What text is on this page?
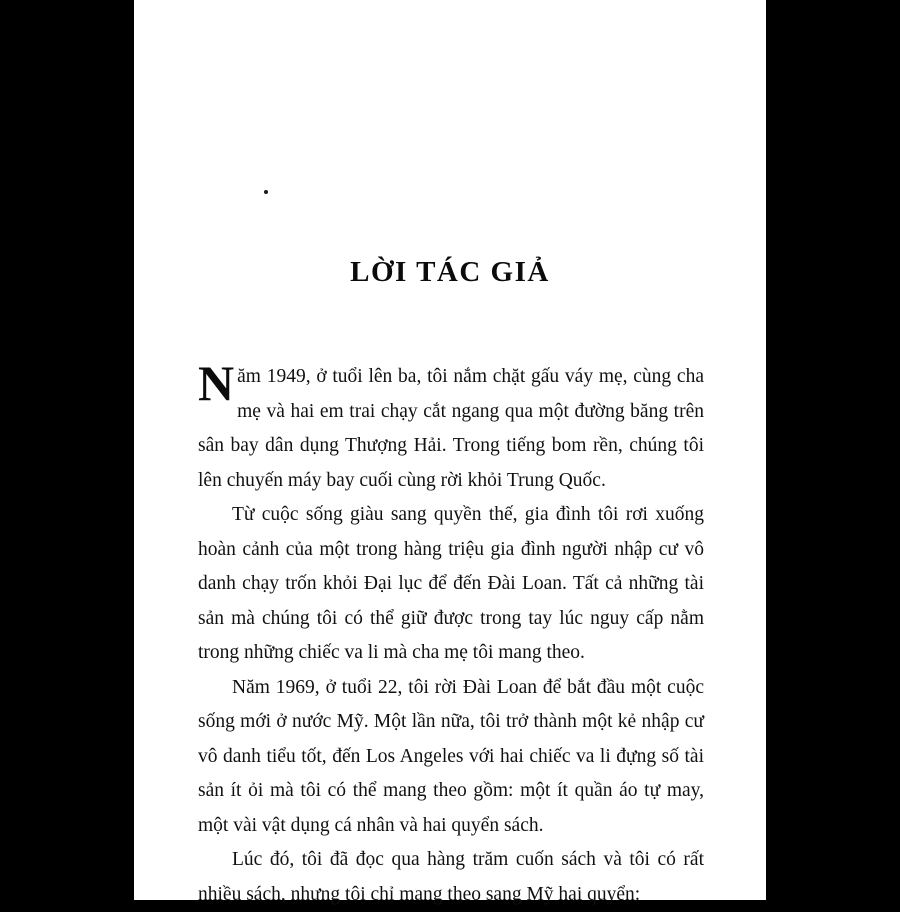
LỜI TÁC GIẢ

Năm 1949, ở tuổi lên ba, tôi nắm chặt gấu váy mẹ, cùng cha mẹ và hai em trai chạy cắt ngang qua một đường băng trên sân bay dân dụng Thượng Hải. Trong tiếng bom rền, chúng tôi lên chuyến máy bay cuối cùng rời khỏi Trung Quốc.

Từ cuộc sống giàu sang quyền thế, gia đình tôi rơi xuống hoàn cảnh của một trong hàng triệu gia đình người nhập cư vô danh chạy trốn khỏi Đại lục để đến Đài Loan. Tất cả những tài sản mà chúng tôi có thể giữ được trong tay lúc nguy cấp nằm trong những chiếc va li mà cha mẹ tôi mang theo.

Năm 1969, ở tuổi 22, tôi rời Đài Loan để bắt đầu một cuộc sống mới ở nước Mỹ. Một lần nữa, tôi trở thành một kẻ nhập cư vô danh tiểu tốt, đến Los Angeles với hai chiếc va li đựng số tài sản ít ỏi mà tôi có thể mang theo gồm: một ít quần áo tự may, một vài vật dụng cá nhân và hai quyển sách.

Lúc đó, tôi đã đọc qua hàng trăm cuốn sách và tôi có rất nhiều sách, nhưng tôi chỉ mang theo sang Mỹ hai quyển:
